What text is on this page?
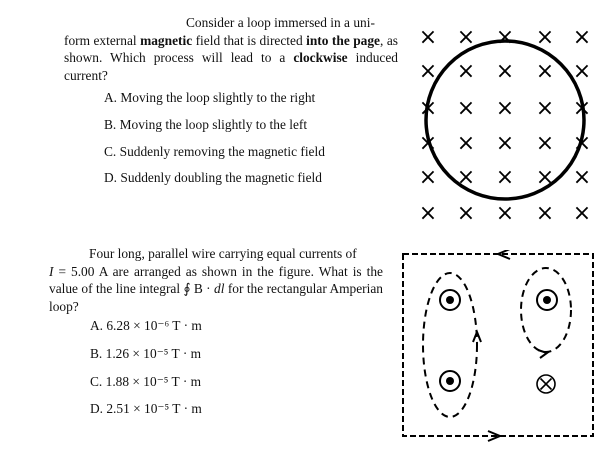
Consider a loop immersed in a uni-
form external magnetic field that is directed into the page, as shown. Which process will lead to a clockwise induced current?
A. Moving the loop slightly to the right
B. Moving the loop slightly to the left
C. Suddenly removing the magnetic field
D. Suddenly doubling the magnetic field
× × × × ×
× × × × ×
× × × × ×
× × × × ×
× × × × ×
× × × × ×
Four long, parallel wire carrying equal currents of
I = 5.00 A are arranged as shown in the figure. What is the value of the line integral ∮ B · dl for the rectangular Amperian loop?
A. 6.28 × 10⁻⁶ T · m
B. 1.26 × 10⁻⁵ T · m
C. 1.88 × 10⁻⁵ T · m
D. 2.51 × 10⁻⁵ T · m
